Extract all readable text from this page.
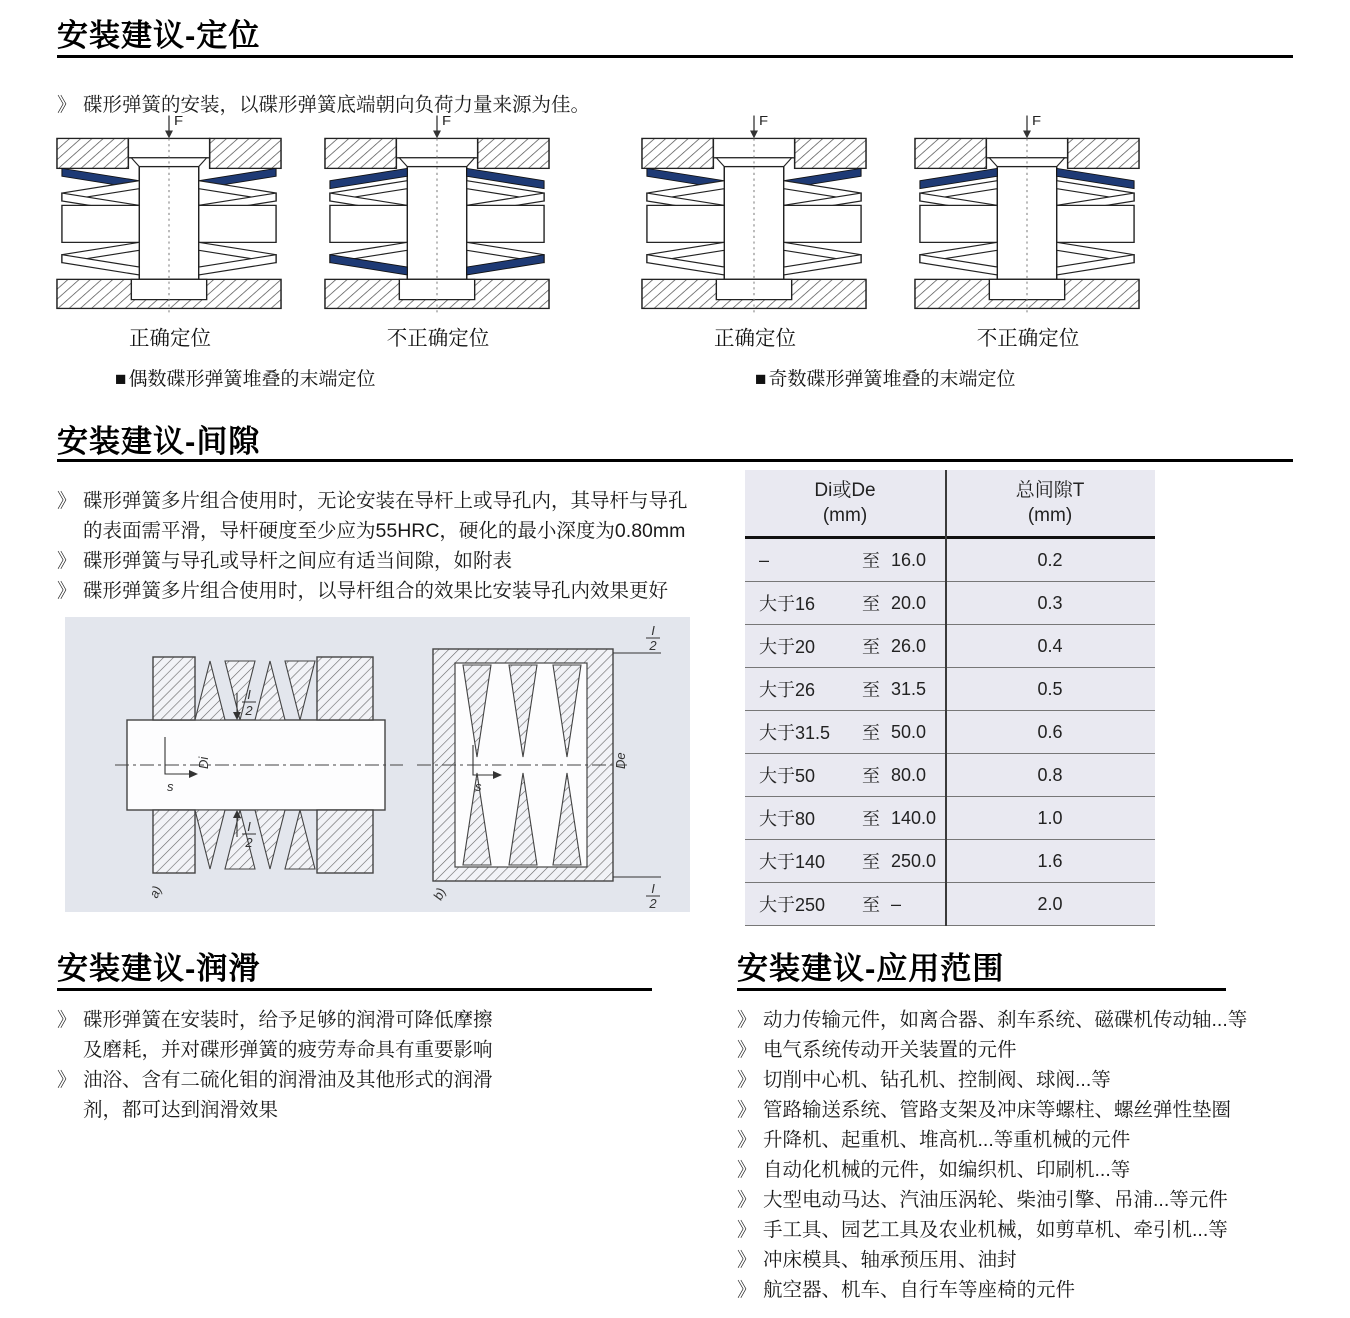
安装建议-定位

》 碟形弹簧的安装，以碟形弹簧底端朝向负荷力量来源为佳。

F
正确定位
F
不正确定位
F
正确定位
F
不正确定位
■ 偶数碟形弹簧堆叠的末端定位	■ 奇数碟形弹簧堆叠的末端定位
安装建议-间隙
》 碟形弹簧多片组合使用时，无论安装在导杆上或导孔内，其导杆与导孔的表面需平滑，导杆硬度至少应为55HRC，硬化的最小深度为0.80mm
》 碟形弹簧与导孔或导杆之间应有适当间隙，如附表
》 碟形弹簧多片组合使用时，以导杆组合的效果比安装导孔内效果更好
s
Di
I
2
I
2
a)
s
De
I
2
I
2
b)
Di或De
(mm)
总间隙T
(mm)
–	至 16.0	0.2
大于16	至 20.0	0.3
大于20	至 26.0	0.4
大于26	至 31.5	0.5
大于31.5	至 50.0	0.6
大于50	至 80.0	0.8
大于80	至 140.0	1.0
大于140	至 250.0	1.6
大于250	至 –	2.0
安装建议-润滑
》 碟形弹簧在安装时，给予足够的润滑可降低摩擦及磨耗，并对碟形弹簧的疲劳寿命具有重要影响
》 油浴、含有二硫化钼的润滑油及其他形式的润滑剂，都可达到润滑效果
安装建议-应用范围
》 动力传输元件，如离合器、刹车系统、磁碟机传动轴...等
》 电气系统传动开关装置的元件
》 切削中心机、钻孔机、控制阀、球阀...等
》 管路输送系统、管路支架及冲床等螺柱、螺丝弹性垫圈
》 升降机、起重机、堆高机...等重机械的元件
》 自动化机械的元件，如编织机、印刷机...等
》 大型电动马达、汽油压涡轮、柴油引擎、吊浦...等元件
》 手工具、园艺工具及农业机械，如剪草机、牵引机...等
》 冲床模具、轴承预压用、油封
》 航空器、机车、自行车等座椅的元件
